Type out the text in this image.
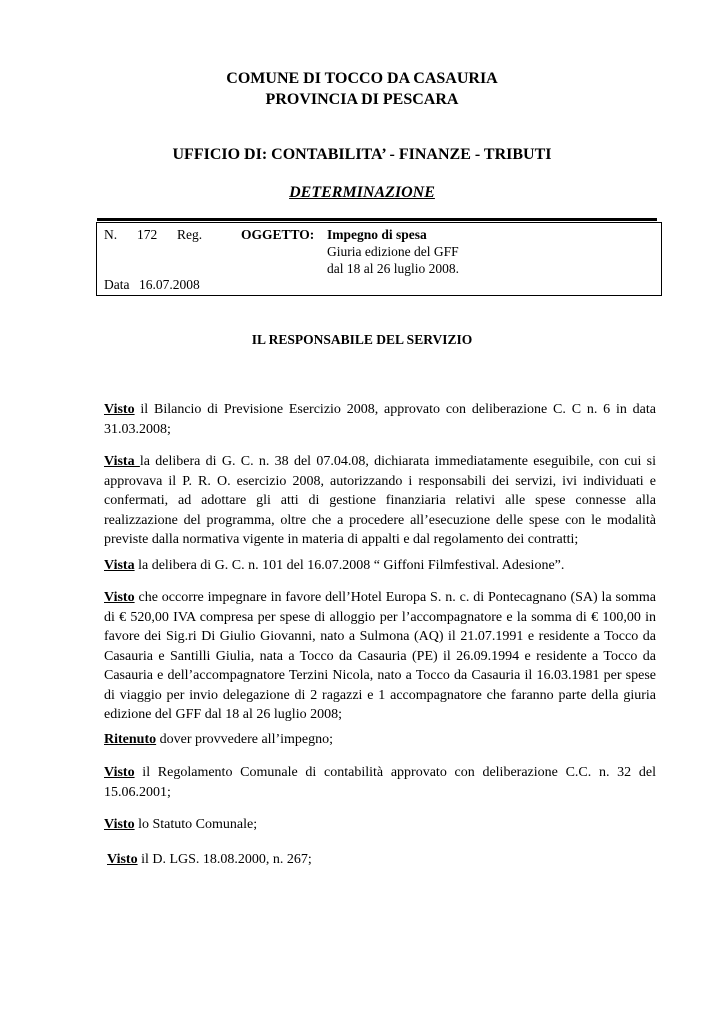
COMUNE DI TOCCO DA CASAURIA
PROVINCIA DI PESCARA
UFFICIO DI: CONTABILITA’ - FINANZE - TRIBUTI
DETERMINAZIONE
N. 172 Reg.	OGGETTO: Impegno di spesa
Giuria edizione del GFF
dal 18 al 26 luglio 2008.
Data 16.07.2008
IL RESPONSABILE DEL SERVIZIO
Visto il Bilancio di Previsione Esercizio 2008, approvato con deliberazione C. C n. 6 in data 31.03.2008;
Vista la delibera di G. C. n. 38 del 07.04.08, dichiarata immediatamente eseguibile, con cui si approvava il P. R. O. esercizio 2008, autorizzando i responsabili dei servizi, ivi individuati e confermati, ad adottare gli atti di gestione finanziaria relativi alle spese connesse alla realizzazione del programma, oltre che a procedere all’esecuzione delle spese con le modalità previste dalla normativa vigente in materia di appalti e dal regolamento dei contratti;
Vista la delibera di G. C. n. 101 del 16.07.2008 “ Giffoni Filmfestival. Adesione”.
Visto che occorre impegnare in favore dell’Hotel Europa S. n. c. di Pontecagnano (SA) la somma di € 520,00 IVA compresa per spese di alloggio per l’accompagnatore e la somma di € 100,00 in favore dei Sig.ri Di Giulio Giovanni, nato a Sulmona (AQ) il 21.07.1991 e residente a Tocco da Casauria e Santilli Giulia, nata a Tocco da Casauria (PE) il 26.09.1994 e residente a Tocco da Casauria e dell’accompagnatore Terzini Nicola, nato a Tocco da Casauria il 16.03.1981 per spese di viaggio per invio delegazione di 2 ragazzi e 1 accompagnatore che faranno parte della giuria edizione del GFF dal 18 al 26 luglio 2008;
Ritenuto dover provvedere all’impegno;
Visto il Regolamento Comunale di contabilità approvato con deliberazione C.C. n. 32 del 15.06.2001;
Visto lo Statuto Comunale;
Visto il D. LGS. 18.08.2000, n. 267;
